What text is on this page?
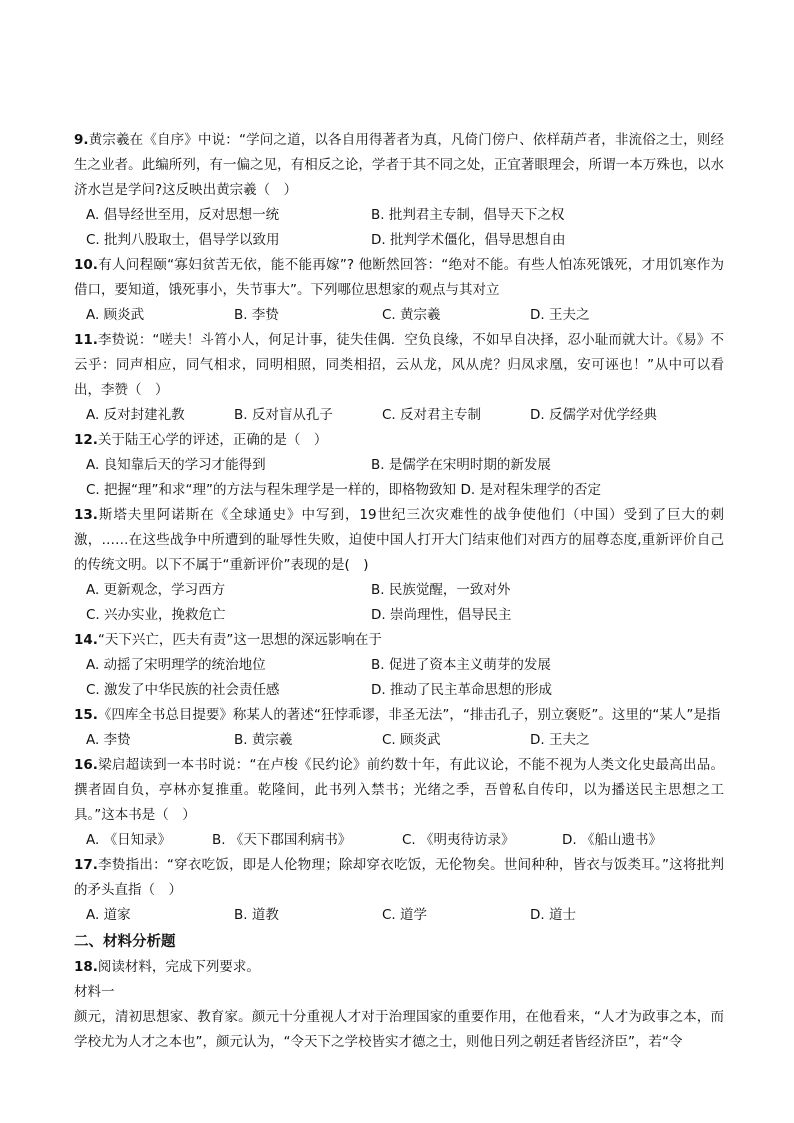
9.黄宗羲在《自序》中说：“学问之道，以各自用得著者为真，凡倚门傍户、依样葫芦者，非流俗之士，则经生之业者。此编所列，有一偏之见，有相反之论，学者于其不同之处，正宜著眼理会，所谓一本万殊也，以水济水岂是学问?这反映出黄宗羲（　）
A. 倡导经世至用，反对思想一统	B. 批判君主专制，倡导天下之权
C. 批判八股取士，倡导学以致用	D. 批判学术僵化，倡导思想自由
10.有人问程颐“寡妇贫苦无依，能不能再嫁”? 他断然回答：“绝对不能。有些人怕冻死饿死，才用饥寒作为借口，要知道，饿死事小，失节事大”。下列哪位思想家的观点与其对立
A. 顾炎武	B. 李贽	C. 黄宗羲	D. 王夫之
11.李贽说：“嗟夫！斗筲小人，何足计事，徒失佳偶．空负良缘，不如早自决择，忍小耻而就大计。《易》不云乎：同声相应，同气相求，同明相照，同类相招，云从龙，风从虎？归凤求凰，安可诬也！”从中可以看出，李赞（　）
A. 反对封建礼教	B. 反对盲从孔子	C. 反对君主专制	D. 反儒学对优学经典
12.关于陆王心学的评述，正确的是（　）
A. 良知靠后天的学习才能得到	B. 是儒学在宋明时期的新发展
C. 把握“理”和求“理”的方法与程朱理学是一样的，即格物致知 D. 是对程朱理学的否定
13.斯塔夫里阿诺斯在《全球通史》中写到，19世纪三次灾难性的战争使他们（中国）受到了巨大的刺激，……在这些战争中所遭到的耻辱性失败，迫使中国人打开大门结束他们对西方的屈尊态度,重新评价自己的传统文明。以下不属于“重新评价”表现的是(　)
A. 更新观念，学习西方	B. 民族觉醒，一致对外
C. 兴办实业，挽救危亡	D. 崇尚理性，倡导民主
14.“天下兴亡，匹夫有责”这一思想的深远影响在于
A. 动摇了宋明理学的统治地位	B. 促进了资本主义萌芽的发展
C. 激发了中华民族的社会责任感	D. 推动了民主革命思想的形成
15.《四库全书总目提要》称某人的著述“狂悖乖谬，非圣无法”，“排击孔子，别立褒贬”。这里的“某人”是指
A. 李贽	B. 黄宗羲	C. 顾炎武	D. 王夫之
16.梁启超读到一本书时说：“在卢梭《民约论》前约数十年，有此议论，不能不视为人类文化史最高出品。撰者固自负，亭林亦复推重。乾隆间，此书列入禁书；光绪之季，吾曾私自传印，以为播送民主思想之工具。”这本书是（　）
A. 《日知录》	B. 《天下郡国利病书》	C. 《明夷待访录》	D. 《船山遗书》
17.李贽指出：“穿衣吃饭，即是人伦物理；除却穿衣吃饭，无伦物矣。世间种种，皆衣与饭类耳。”这将批判的矛头直指（　）
A. 道家	B. 道教	C. 道学	D. 道士
二、材料分析题
18.阅读材料，完成下列要求。
材料一
颜元，清初思想家、教育家。颜元十分重视人才对于治理国家的重要作用，在他看来，“人才为政事之本，而学校尤为人才之本也”，颜元认为，“令天下之学校皆实才德之士，则他日列之朝廷者皆经济臣”，若“令
